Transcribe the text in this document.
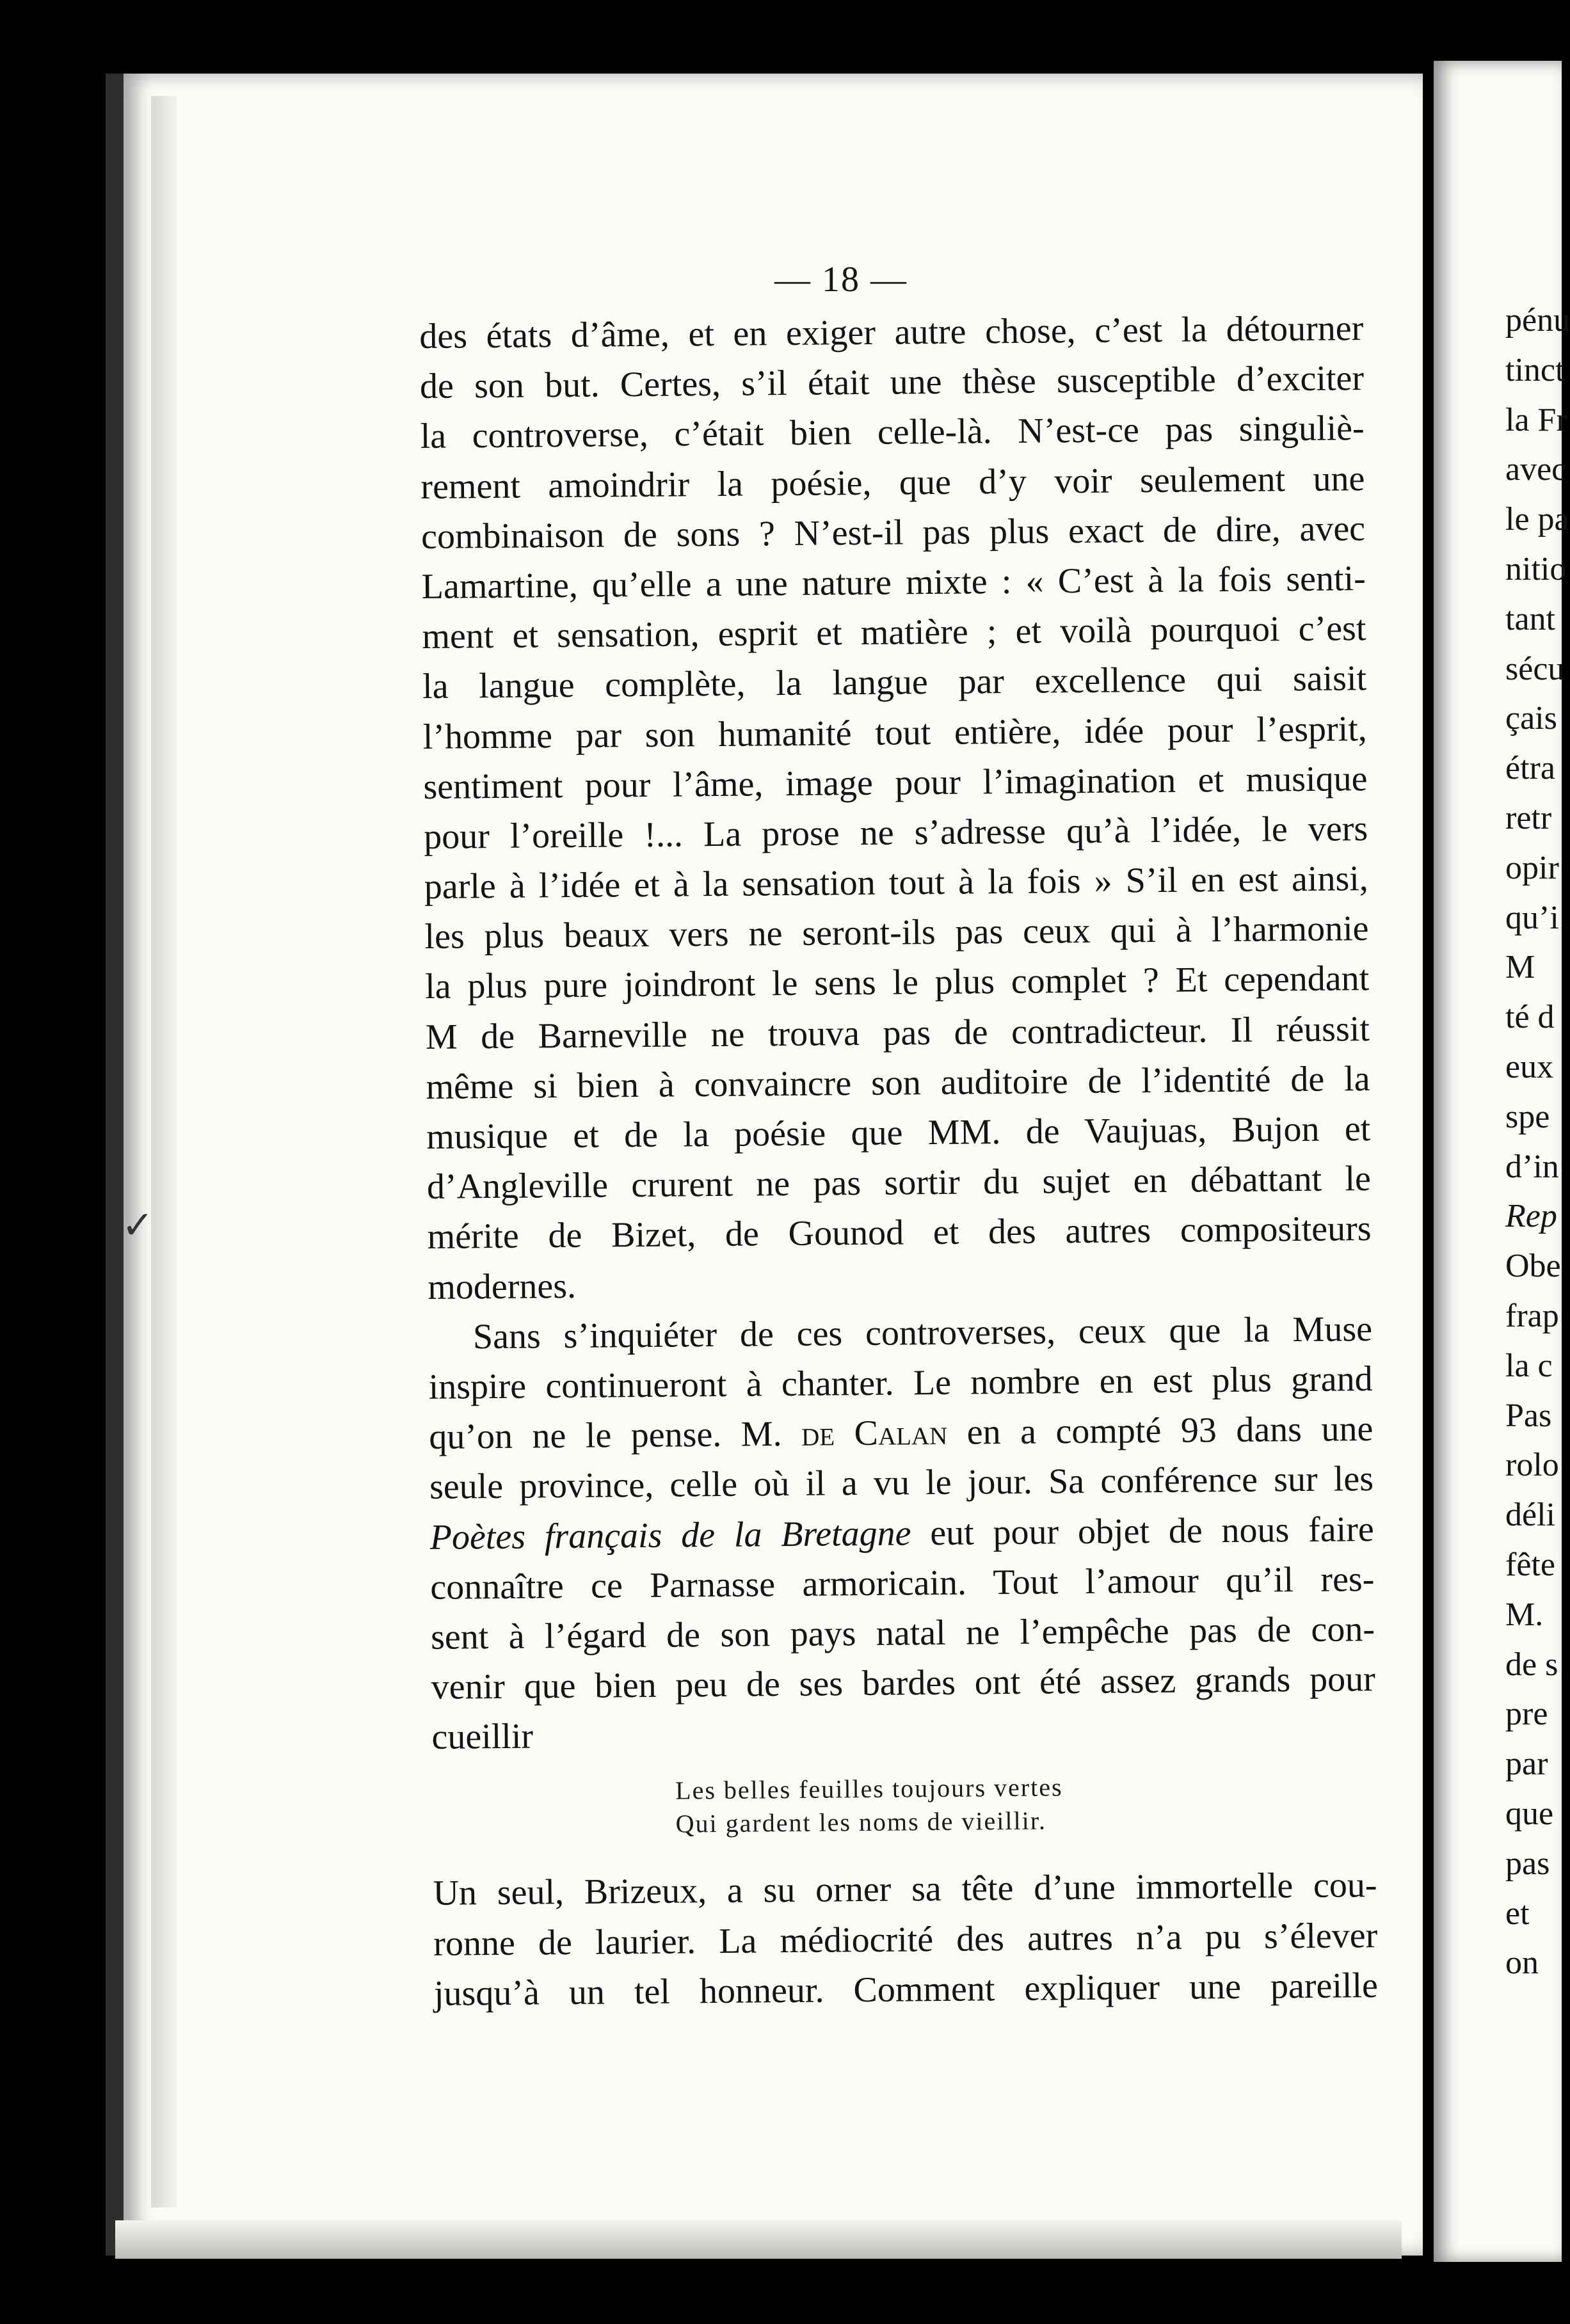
— 18 —
des états d’âme, et en exiger autre chose, c’est la détourner
de son but. Certes, s’il était une thèse susceptible d’exciter
la controverse, c’était bien celle-là. N’est-ce pas singuliè-
rement amoindrir la poésie, que d’y voir seulement une
combinaison de sons ? N’est-il pas plus exact de dire, avec
Lamartine, qu’elle a une nature mixte : « C’est à la fois senti-
ment et sensation, esprit et matière ; et voilà pourquoi c’est
la langue complète, la langue par excellence qui saisit
l’homme par son humanité tout entière, idée pour l’esprit,
sentiment pour l’âme, image pour l’imagination et musique
pour l’oreille !... La prose ne s’adresse qu’à l’idée, le vers
parle à l’idée et à la sensation tout à la fois » S’il en est ainsi,
les plus beaux vers ne seront-ils pas ceux qui à l’harmonie
la plus pure joindront le sens le plus complet ? Et cependant
M de Barneville ne trouva pas de contradicteur. Il réussit
même si bien à convaincre son auditoire de l’identité de la
musique et de la poésie que MM. de Vaujuas, Bujon et
d’Angleville crurent ne pas sortir du sujet en débattant le
mérite de Bizet, de Gounod et des autres compositeurs
modernes.
Sans s’inquiéter de ces controverses, ceux que la Muse
inspire continueront à chanter. Le nombre en est plus grand
qu’on ne le pense. M. de Calan en a compté 93 dans une
seule province, celle où il a vu le jour. Sa conférence sur les
Poètes français de la Bretagne eut pour objet de nous faire
connaître ce Parnasse armoricain. Tout l’amour qu’il res-
sent à l’égard de son pays natal ne l’empêche pas de con-
venir que bien peu de ses bardes ont été assez grands pour
cueillir
Les belles feuilles toujours vertes
Qui gardent les noms de vieillir.
Un seul, Brizeux, a su orner sa tête d’une immortelle cou-
ronne de laurier. La médiocrité des autres n’a pu s’élever
jusqu’à un tel honneur. Comment expliquer une pareille
pénu
tinct
la Fr
avec
le pa
nitio
tant
sécu
çais
étra
retr
opir
qu’i
M
té d
eux
spe
d’in
Rep
Obe
frap
la c
Pas
rolo
déli
fête
M.
de s
pre
par
que
pas
et
on
✓
